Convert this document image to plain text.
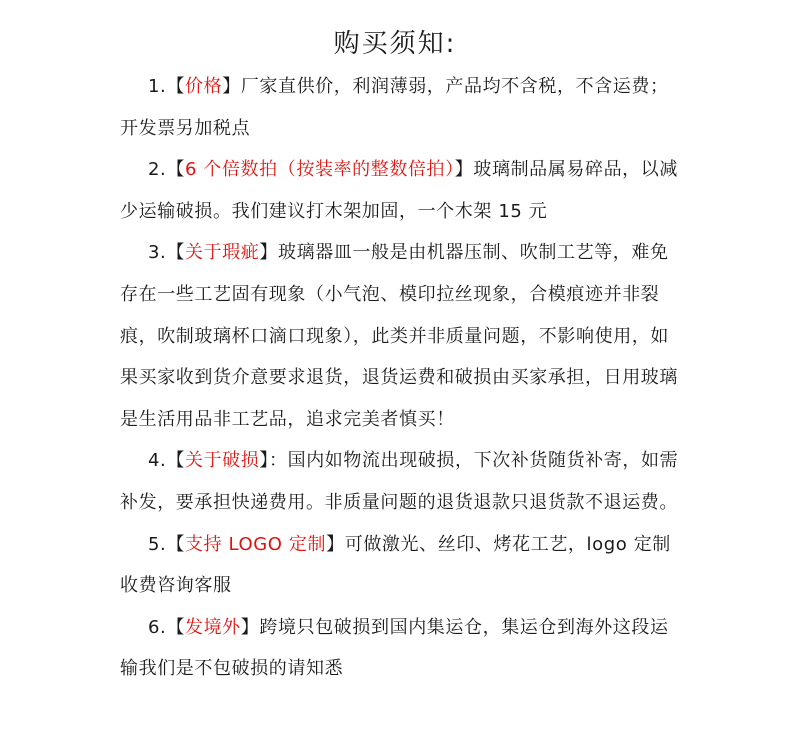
购买须知:

1.【价格】厂家直供价，利润薄弱，产品均不含税，不含运费；开发票另加税点

2.【6 个倍数拍（按装率的整数倍拍）】玻璃制品属易碎品，以减少运输破损。我们建议打木架加固，一个木架 15 元

3.【关于瑕疵】玻璃器皿一般是由机器压制、吹制工艺等，难免存在一些工艺固有现象（小气泡、模印拉丝现象，合模痕迹并非裂痕，吹制玻璃杯口滴口现象），此类并非质量问题，不影响使用，如果买家收到货介意要求退货，退货运费和破损由买家承担，日用玻璃是生活用品非工艺品，追求完美者慎买！

4.【关于破损】：国内如物流出现破损，下次补货随货补寄，如需补发，要承担快递费用。非质量问题的退货退款只退货款不退运费。

5.【支持 LOGO 定制】可做激光、丝印、烤花工艺，logo 定制收费咨询客服

6.【发境外】跨境只包破损到国内集运仓，集运仓到海外这段运输我们是不包破损的请知悉
